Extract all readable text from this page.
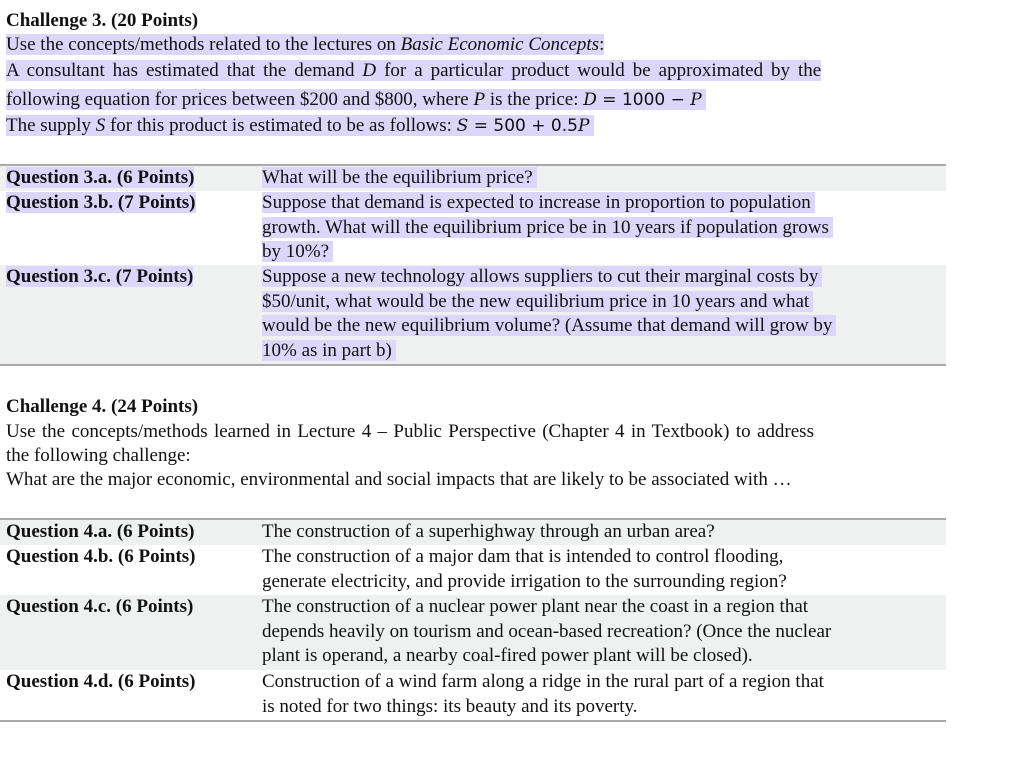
Challenge 3. (20 Points)
Use the concepts/methods related to the lectures on Basic Economic Concepts:
A consultant has estimated that the demand D for a particular product would be approximated by the
following equation for prices between $200 and $800, where P is the price: D = 1000 − P
The supply S for this product is estimated to be as follows: S = 500 + 0.5P
Question 3.a. (6 Points)	What will be the equilibrium price?
Question 3.b. (7 Points)	Suppose that demand is expected to increase in proportion to population
growth. What will the equilibrium price be in 10 years if population grows
by 10%?
Question 3.c. (7 Points)	Suppose a new technology allows suppliers to cut their marginal costs by
$50/unit, what would be the new equilibrium price in 10 years and what
would be the new equilibrium volume? (Assume that demand will grow by
10% as in part b)
Challenge 4. (24 Points)
Use the concepts/methods learned in Lecture 4 – Public Perspective (Chapter 4 in Textbook) to address
the following challenge:
What are the major economic, environmental and social impacts that are likely to be associated with …
Question 4.a. (6 Points)	The construction of a superhighway through an urban area?
Question 4.b. (6 Points)	The construction of a major dam that is intended to control flooding,
generate electricity, and provide irrigation to the surrounding region?
Question 4.c. (6 Points)	The construction of a nuclear power plant near the coast in a region that
depends heavily on tourism and ocean-based recreation? (Once the nuclear
plant is operand, a nearby coal-fired power plant will be closed).
Question 4.d. (6 Points)	Construction of a wind farm along a ridge in the rural part of a region that
is noted for two things: its beauty and its poverty.
